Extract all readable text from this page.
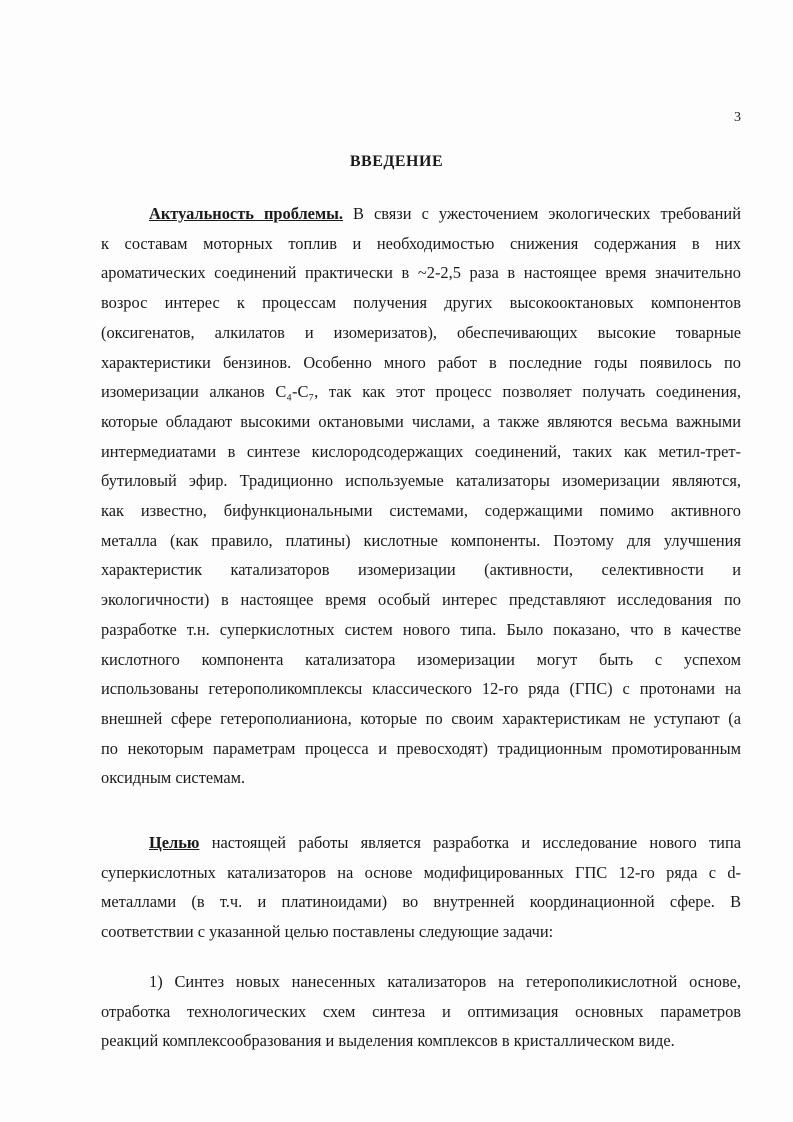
3
ВВЕДЕНИЕ
Актуальность проблемы. В связи с ужесточением экологических требований
к составам моторных топлив и необходимостью снижения содержания в них
ароматических соединений практически в ~2-2,5 раза в настоящее время значительно
возрос интерес к процессам получения других высокооктановых компонентов
(оксигенатов, алкилатов и изомеризатов), обеспечивающих высокие товарные
характеристики бензинов. Особенно много работ в последние годы появилось по
изомеризации алканов C₄-C₇, так как этот процесс позволяет получать соединения,
которые обладают высокими октановыми числами, а также являются весьма важными
интермедиатами в синтезе кислородсодержащих соединений, таких как метил-трет-
бутиловый эфир. Традиционно используемые катализаторы изомеризации являются,
как известно, бифункциональными системами, содержащими помимо активного
металла (как правило, платины) кислотные компоненты. Поэтому для улучшения
характеристик катализаторов изомеризации (активности, селективности и
экологичности) в настоящее время особый интерес представляют исследования по
разработке т.н. суперкислотных систем нового типа. Было показано, что в качестве
кислотного компонента катализатора изомеризации могут быть с успехом
использованы гетерополикомплексы классического 12-го ряда (ГПС) с протонами на
внешней сфере гетерополианиона, которые по своим характеристикам не уступают (а
по некоторым параметрам процесса и превосходят) традиционным промотированным
оксидным системам.
Целью настоящей работы является разработка и исследование нового типа
суперкислотных катализаторов на основе модифицированных ГПС 12-го ряда с d-
металлами (в т.ч. и платиноидами) во внутренней координационной сфере. В
соответствии с указанной целью поставлены следующие задачи:
1) Синтез новых нанесенных катализаторов на гетерополикислотной основе,
отработка технологических схем синтеза и оптимизация основных параметров
реакций комплексообразования и выделения комплексов в кристаллическом виде.
